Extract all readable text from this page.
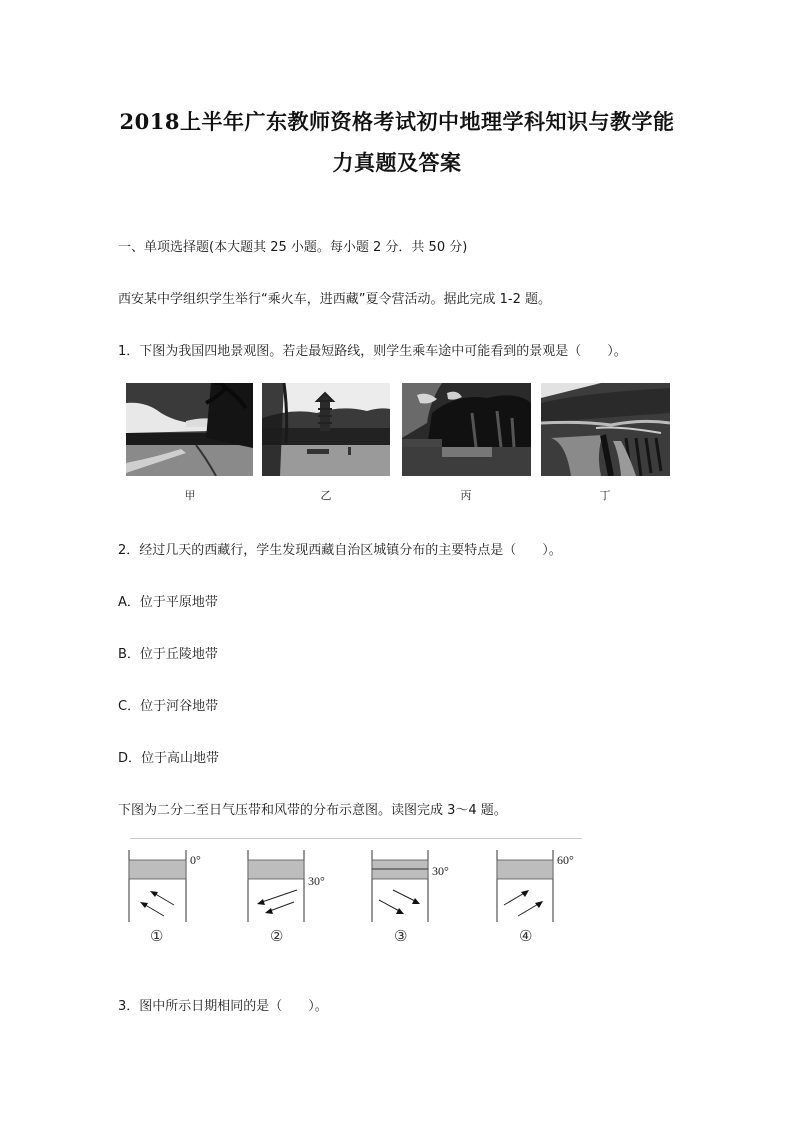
2018上半年广东教师资格考试初中地理学科知识与教学能
力真题及答案
一、单项选择题(本大题其 25 小题。每小题 2 分．共 50 分)
西安某中学组织学生举行“乘火车，进西藏”夏令营活动。据此完成 1-2 题。
1．下图为我国四地景观图。若走最短路线，则学生乘车途中可能看到的景观是（　　）。
甲	乙	丙	丁
2．经过几天的西藏行，学生发现西藏自治区城镇分布的主要特点是（　　）。
A．位于平原地带
B．位于丘陵地带
C．位于河谷地带
D．位于高山地带
下图为二分二至日气压带和风带的分布示意图。读图完成 3～4 题。
0°
①
30°
②
30°
③
60°
④
3．图中所示日期相同的是（　　）。
